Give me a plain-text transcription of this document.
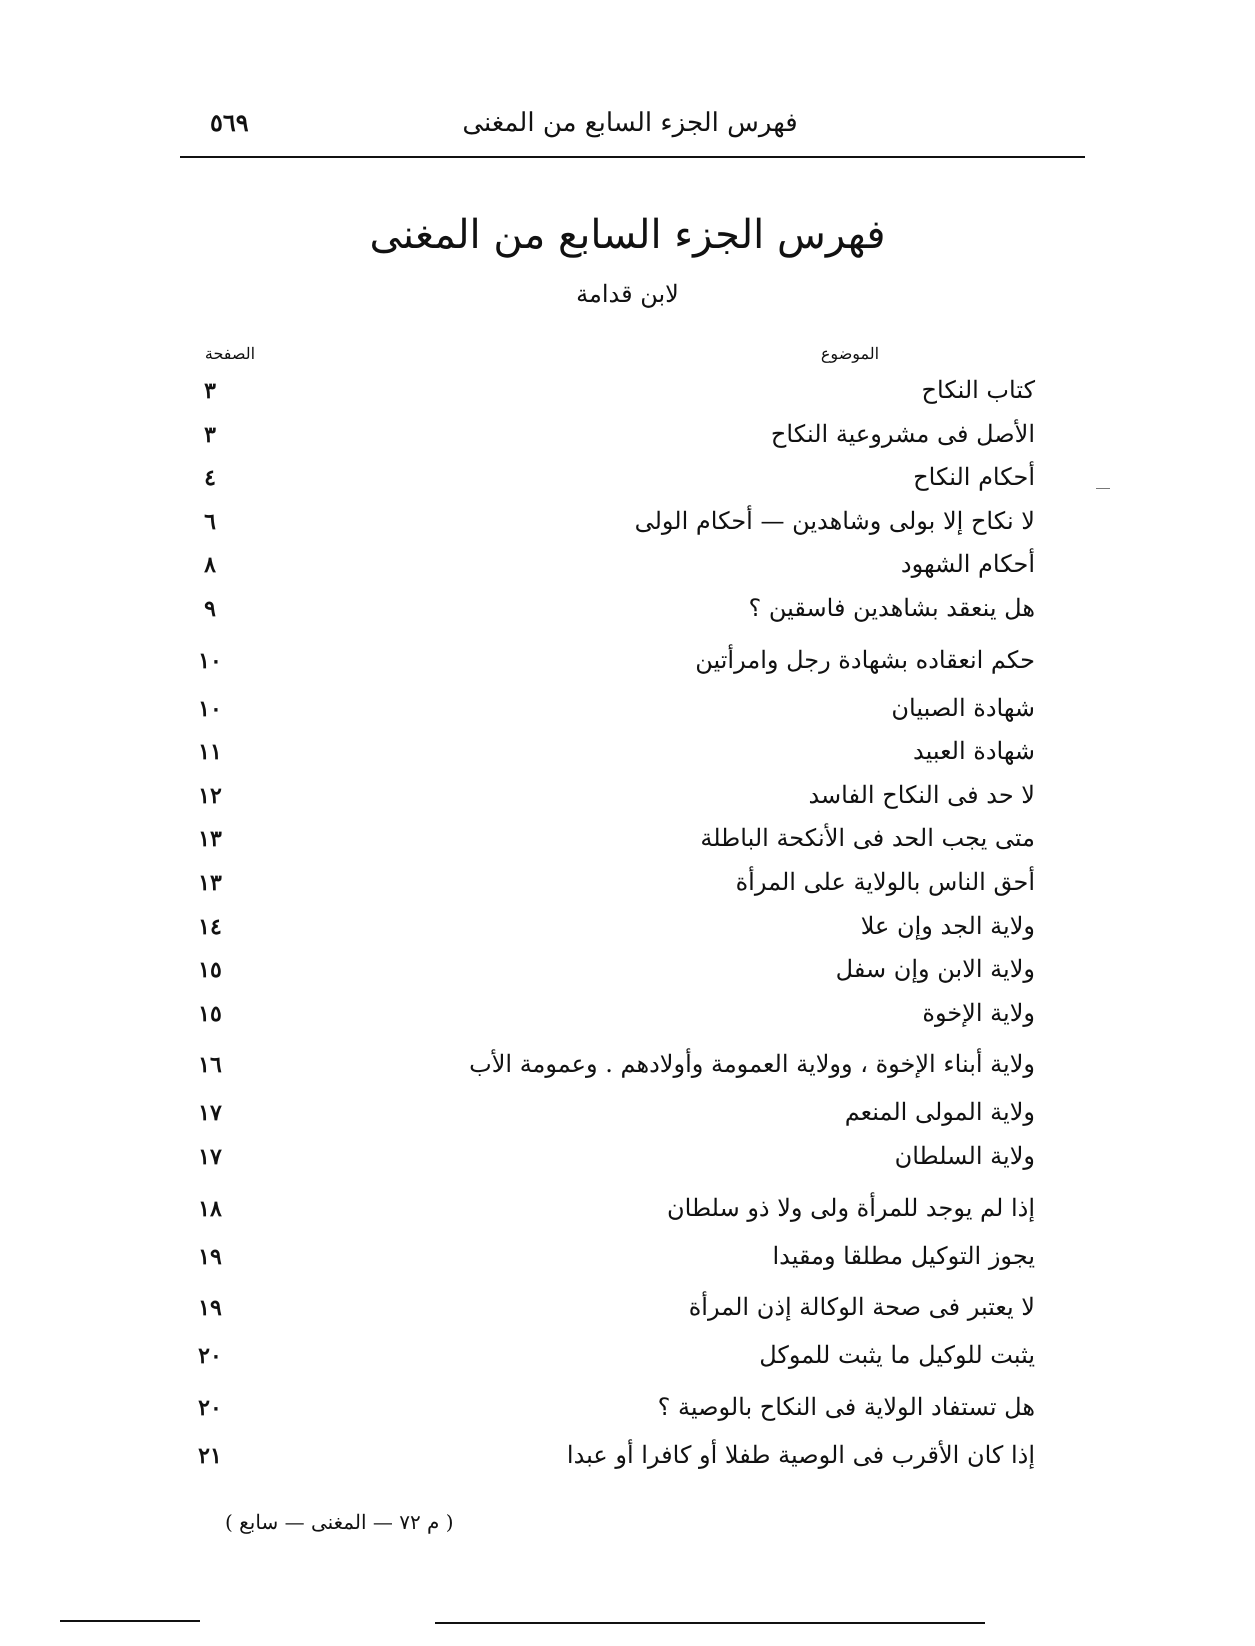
٥٦٩	فهرس الجزء السابع من المغنى
فهرس الجزء السابع من المغنى
لابن قدامة
الموضوع
الصفحة
كتاب النكاح
٣
الأصل فى مشروعية النكاح
٣
أحكام النكاح
٤
لا نكاح إلا بولى وشاهدين — أحكام الولى
٦
أحكام الشهود
٨
هل ينعقد بشاهدين فاسقين ؟
٩
حكم انعقاده بشهادة رجل وامرأتين
١٠
شهادة الصبيان
١٠
شهادة العبيد
١١
لا حد فى النكاح الفاسد
١٢
متى يجب الحد فى الأنكحة الباطلة
١٣
أحق الناس بالولاية على المرأة
١٣
ولاية الجد وإن علا
١٤
ولاية الابن وإن سفل
١٥
ولاية الإخوة
١٥
ولاية أبناء الإخوة ، وولاية العمومة وأولادهم . وعمومة الأب
١٦
ولاية المولى المنعم
١٧
ولاية السلطان
١٧
إذا لم يوجد للمرأة ولى ولا ذو سلطان
١٨
يجوز التوكيل مطلقا ومقيدا
١٩
لا يعتبر فى صحة الوكالة إذن المرأة
١٩
يثبت للوكيل ما يثبت للموكل
٢٠
هل تستفاد الولاية فى النكاح بالوصية ؟
٢٠
إذا كان الأقرب فى الوصية طفلا أو كافرا أو عبدا
٢١
( م ٧٢ — المغنى — سابع )
